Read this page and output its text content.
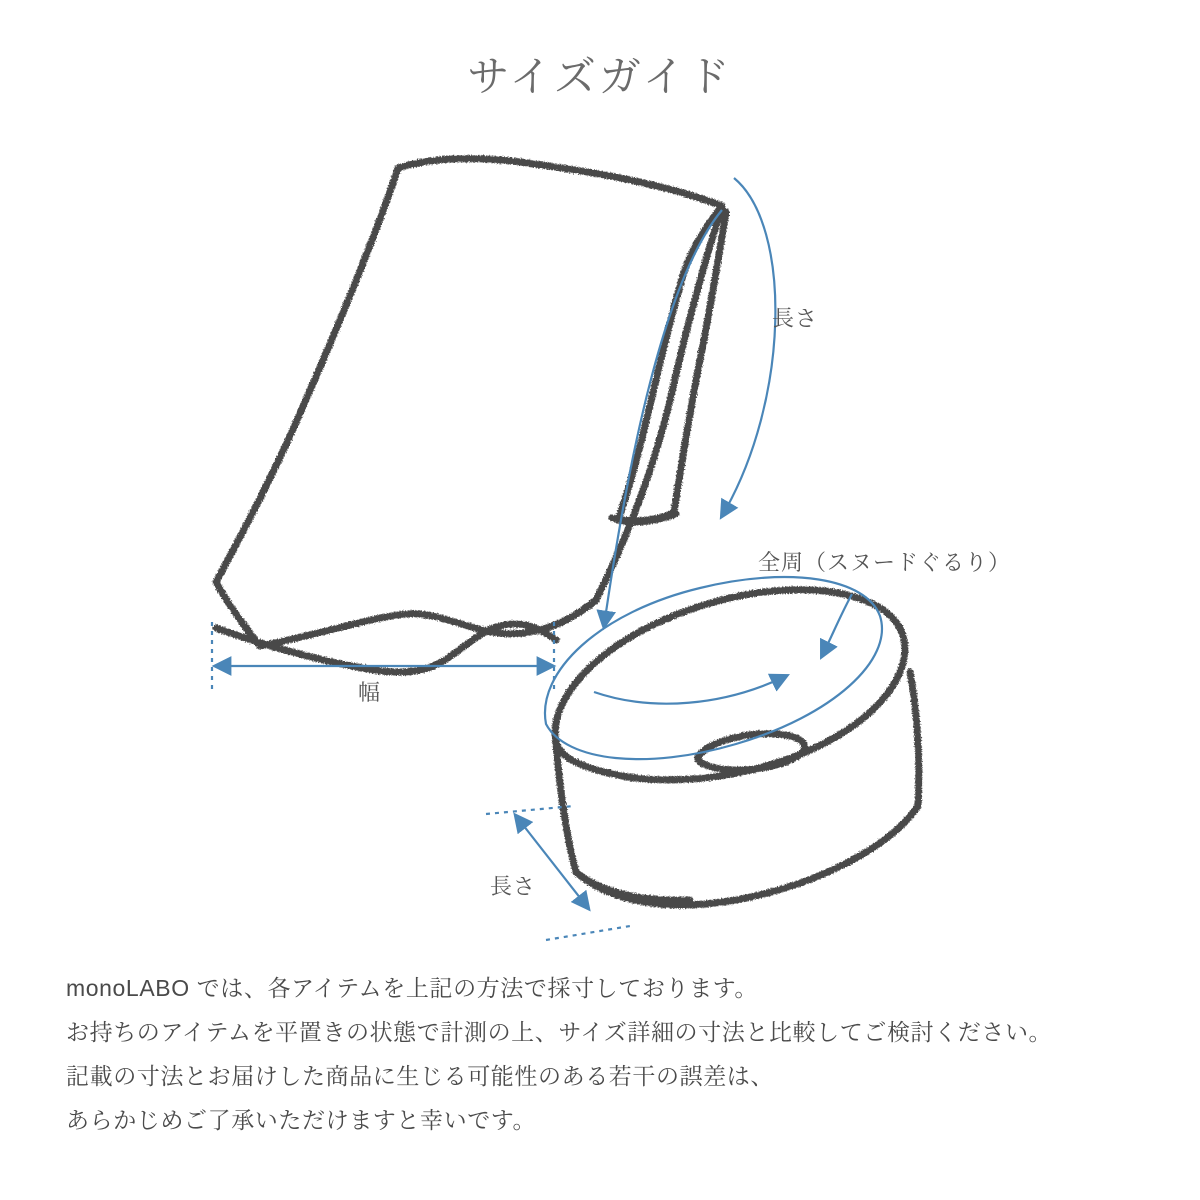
サイズガイド
長さ
幅
全周（スヌードぐるり）
長さ
monoLABO では、各アイテムを上記の方法で採寸しております。
お持ちのアイテムを平置きの状態で計測の上、サイズ詳細の寸法と比較してご検討ください。
記載の寸法とお届けした商品に生じる可能性のある若干の誤差は、
あらかじめご了承いただけますと幸いです。
